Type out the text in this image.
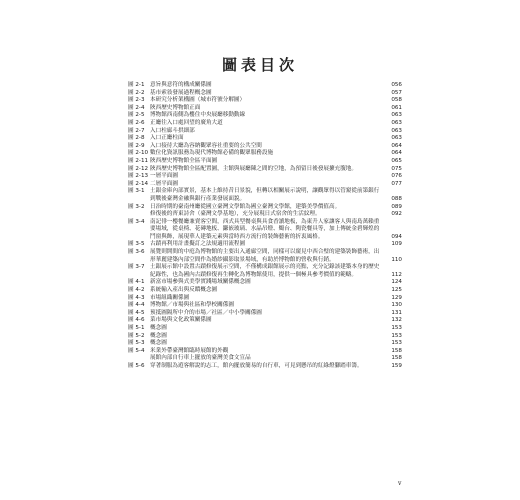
圖表目次
圖 2-1 意旨與意符的構成關係圖	056
圖 2-2 基市索敍發展過程概念圖	057
圖 2-3 本研究分析架構圖（城市符號分解圖）	058
圖 2-4 陝西歷史博物館正面	061
圖 2-5 博物館西南側為樓住中央展廳移動動線	063
圖 2-6 正廳往入口處回望的廣角大道	063
圖 2-7 入口柱廊斗拱細部	063
圖 2-8 入口正廳柱面	063
圖 2-9 入口接待大廳為容納觀眾容社重要的公共空間	064
圖 2-10 數位化資訊服務為現代博物館必備的觀眾服務設施	064
圖 2-11 陝西歷史博物館全區平面圖	065
圖 2-12 陝西歷史博物館全區配置圖，主館與展廳陳之間的空地，為預留日後發展擴充腹地。	075
圖 2-13 一層平面圖	076
圖 2-14 二層平面圖	077
圖 3-1 土銀金庫內部實景，基本上維持昔日景貌，但轉以相關展示說明，讓觀眾得以管窺從前第銀行到戰後臺灣金融與銀行產業發展面貌。	088
圖 3-2 日治時期的臺南州廳從國立臺灣文學館為國立臺灣文學館，建築美學價值高。	089
修復後的齊東詩舍（臺灣文學基地），充分展現日式宿舍的生活紋理。	092
圖 3-4 南記俳一樓餐廳兼賣客空間，西式具型餐桌與具食香讀地板，為東升人家讓客人與南島萬賴重要場域，從桌椅、花磚地板、鎌嵌玻璃、水晶吊燈、燭台、陶瓷餐具等，加上傳統金碧輝煌的鬥窗與飾，展現華人建築元素與當時西方流行的裝飾藝術的折衷風格。	094
圖 3-5 古蹟再利用計畫擬訂之法規適用流程圖	109
圖 3-6 展覽則開間的中庭為博物館的主要出入通廊空間，同樣可以窺見中西合璧的建築裝飾藝術，出形華麗建築內部空間作為婚紗攝影取景場域，有助於博物館的營收與行銷。	110
圖 3-7 土銀展示館中設置古蹟修復展示空間，不僅構成銀館展示的亮點，充分記錄該建築本身的歷史紀錄性，也為國內古蹟修復再生轉化為博物館使用，提供一個極具參考價值的範疇。	112
圖 4-1 新富市場參與式美學實踐場域關係概念圖	124
圖 4-2 系統輸入產出與反饋概念圖	125
圖 4-3 市場組織關係圖	129
圖 4-4 博物館／市場與社區和學校關係圖	130
圖 4-5 预抵圖隔所中介的市場／社區／中小學關係圖	131
圖 4-6 菜市場與文化政策關係圖	132
圖 5-1 概念圖	153
圖 5-2 概念圖	153
圖 5-3 概念圖	153
圖 5-4 米業外帶臺灣館臨時展館的外觀	158
展館內部自行車上擺放的臺灣美食文宣品	158
圖 5-6 穿著制服為遊客解說的志工，館內擺放簡易的自行車，可見到懸吊的紅綠燈腳踏車籌。	159
v
